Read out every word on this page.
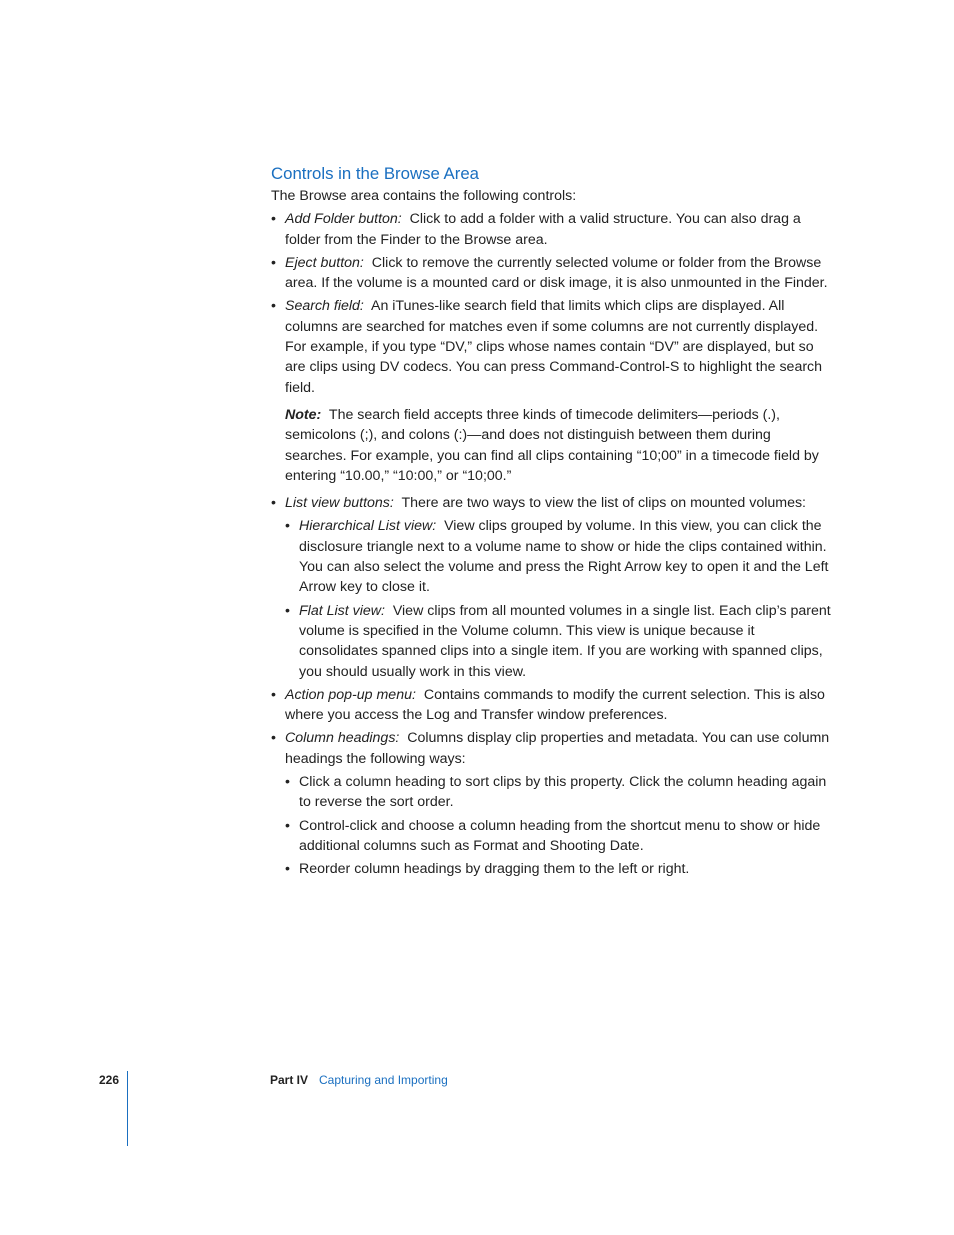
Controls in the Browse Area

The Browse area contains the following controls:

• Add Folder button: Click to add a folder with a valid structure. You can also drag a folder from the Finder to the Browse area.
• Eject button: Click to remove the currently selected volume or folder from the Browse area. If the volume is a mounted card or disk image, it is also unmounted in the Finder.
• Search field: An iTunes-like search field that limits which clips are displayed. All columns are searched for matches even if some columns are not currently displayed. For example, if you type “DV,” clips whose names contain “DV” are displayed, but so are clips using DV codecs. You can press Command-Control-S to highlight the search field.
Note: The search field accepts three kinds of timecode delimiters—periods (.), semicolons (;), and colons (:)—and does not distinguish between them during searches. For example, you can find all clips containing “10;00” in a timecode field by entering “10.00,” “10:00,” or “10;00.”
• List view buttons: There are two ways to view the list of clips on mounted volumes:
• Hierarchical List view: View clips grouped by volume. In this view, you can click the disclosure triangle next to a volume name to show or hide the clips contained within. You can also select the volume and press the Right Arrow key to open it and the Left Arrow key to close it.
• Flat List view: View clips from all mounted volumes in a single list. Each clip’s parent volume is specified in the Volume column. This view is unique because it consolidates spanned clips into a single item. If you are working with spanned clips, you should usually work in this view.
• Action pop-up menu: Contains commands to modify the current selection. This is also where you access the Log and Transfer window preferences.
• Column headings: Columns display clip properties and metadata. You can use column headings the following ways:
• Click a column heading to sort clips by this property. Click the column heading again to reverse the sort order.
• Control-click and choose a column heading from the shortcut menu to show or hide additional columns such as Format and Shooting Date.
• Reorder column headings by dragging them to the left or right.
226	Part IV Capturing and Importing
